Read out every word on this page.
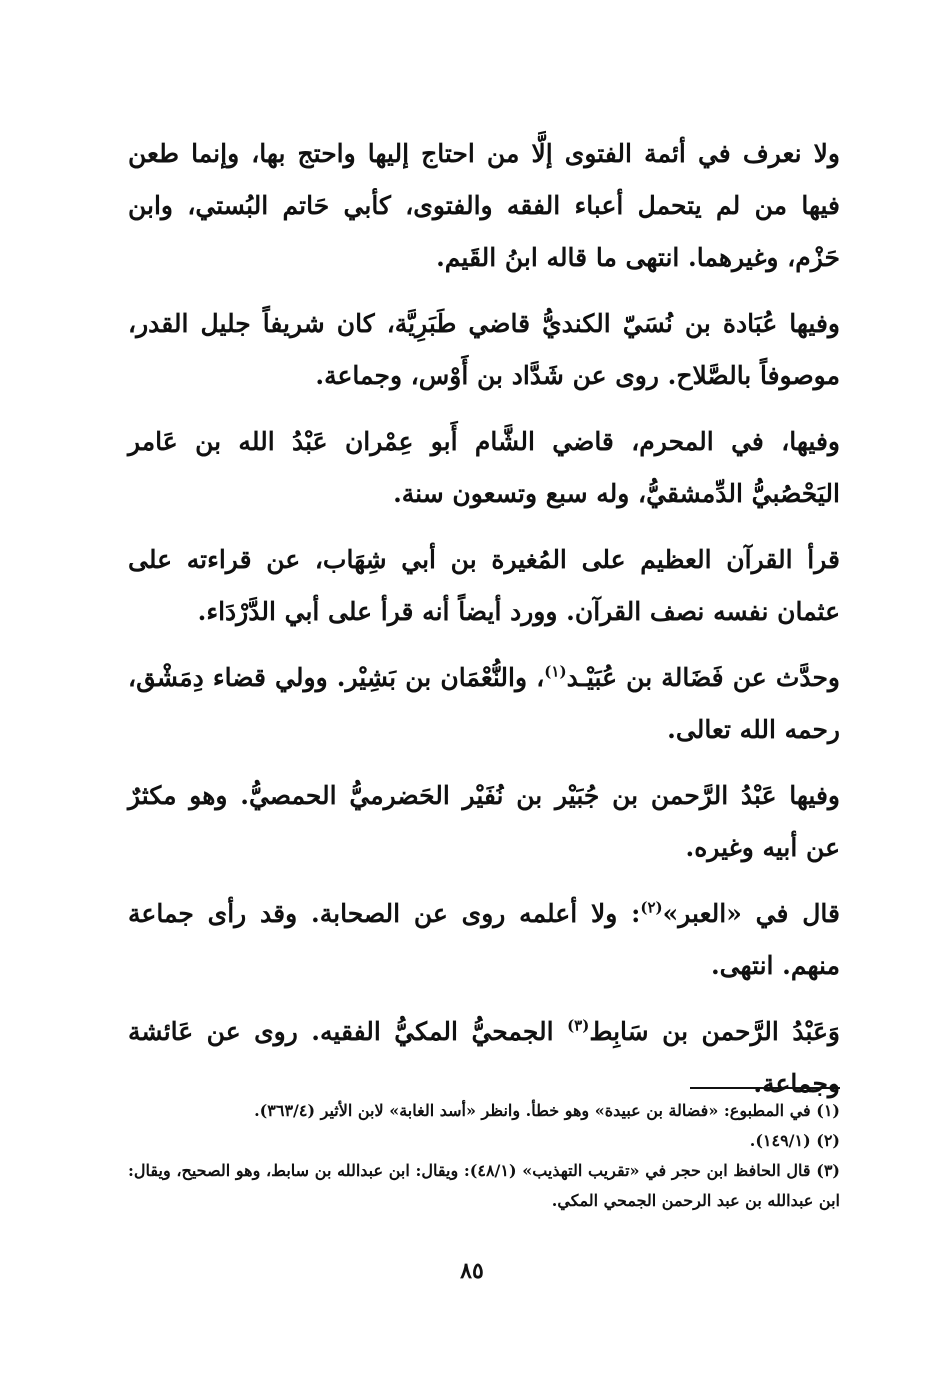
ولا نعرف في أئمة الفتوى إلَّا من احتاج إليها واحتج بها، وإنما طعن فيها من لم يتحمل أعباء الفقه والفتوى، كأبي حَاتم البُستي، وابن حَزْم، وغيرهما. انتهى ما قاله ابنُ القَيم.

وفيها عُبَادة بن نُسَيّ الكنديُّ قاضي طَبَرِيَّة، كان شريفاً جليل القدر، موصوفاً بالصَّلاح. روى عن شَدَّاد بن أَوْس، وجماعة.

وفيها، في المحرم، قاضي الشَّام أَبو عِمْران عَبْدُ الله بن عَامر اليَحْصُبيُّ الدِّمشقيُّ، وله سبع وتسعون سنة.

قرأ القرآن العظيم على المُغيرة بن أبي شِهَاب، عن قراءته على عثمان نفسه نصف القرآن. وورد أيضاً أنه قرأ على أبي الدَّرْدَاء.

وحدَّث عن فَضَالة بن عُبَيْـد$^{(١)}$، والنُّعْمَان بن بَشِيْر. وولي قضاء دِمَشْق، رحمه الله تعالى.

وفيها عَبْدُ الرَّحمن بن جُبَيْر بن نُفَيْر الحَضرميُّ الحمصيُّ. وهو مكثرٌ عن أبيه وغيره.

قال في «العبر»$^{(٢)}$: ولا أعلمه روى عن الصحابة. وقد رأى جماعة منهم. انتهى.

وَعَبْدُ الرَّحمن بن سَابِط$^{(٣)}$ الجمحيُّ المكيُّ الفقيه. روى عن عَائشة وجماعة.

(١) في المطبوع: «فضالة بن عبيدة» وهو خطأ. وانظر «أسد الغابة» لابن الأثير (٣٦٣/٤).
(٢) (١٤٩/١).
(٣) قال الحافظ ابن حجر في «تقريب التهذيب» (٤٨/١): ويقال: ابن عبدالله بن سابط، وهو الصحيح، ويقال: ابن عبدالله بن عبد الرحمن الجمحي المكي.
٨٥
